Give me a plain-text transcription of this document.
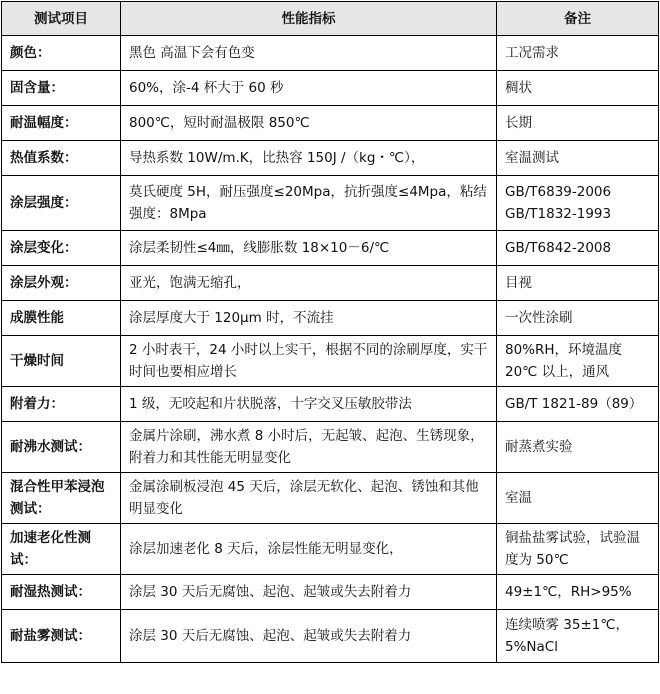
测试项目	性能指标	备注
颜色：	黑色 高温下会有色变	工况需求
固含量：	60%，涂-4 杯大于 60 秒	稠状
耐温幅度：	800℃，短时耐温极限 850℃	长期
热值系数：	导热系数 10W/m.K，比热容 150J /（kg・℃），	室温测试
涂层强度：	莫氏硬度 5H，耐压强度≤20Mpa，抗折强度≤4Mpa，粘结强度：8Mpa	GB/T6839-2006 GB/T1832-1993
涂层变化：	涂层柔韧性≤4㎜，线膨胀数 18×10－6/℃	GB/T6842-2008
涂层外观：	亚光，饱满无缩孔，	目视
成膜性能	涂层厚度大于 120μm 时，不流挂	一次性涂刷
干燥时间	2 小时表干，24 小时以上实干，根据不同的涂刷厚度，实干时间也要相应增长	80%RH，环境温度 20℃ 以上，通风
附着力：	1 级，无咬起和片状脱落，十字交叉压敏胶带法	GB/T 1821-89（89）
耐沸水测试：	金属片涂刷，沸水煮 8 小时后，无起皱、起泡、生锈现象，附着力和其性能无明显变化	耐蒸煮实验
混合性甲苯浸泡测试：	金属涂刷板浸泡 45 天后，涂层无软化、起泡、锈蚀和其他明显变化	室温
加速老化性测试：	涂层加速老化 8 天后，涂层性能无明显变化，	铜盐盐雾试验，试验温度为 50℃
耐湿热测试：	涂层 30 天后无腐蚀、起泡、起皱或失去附着力	49±1℃，RH>95%
耐盐雾测试：	涂层 30 天后无腐蚀、起泡、起皱或失去附着力	连续喷雾 35±1℃，5%NaCl
